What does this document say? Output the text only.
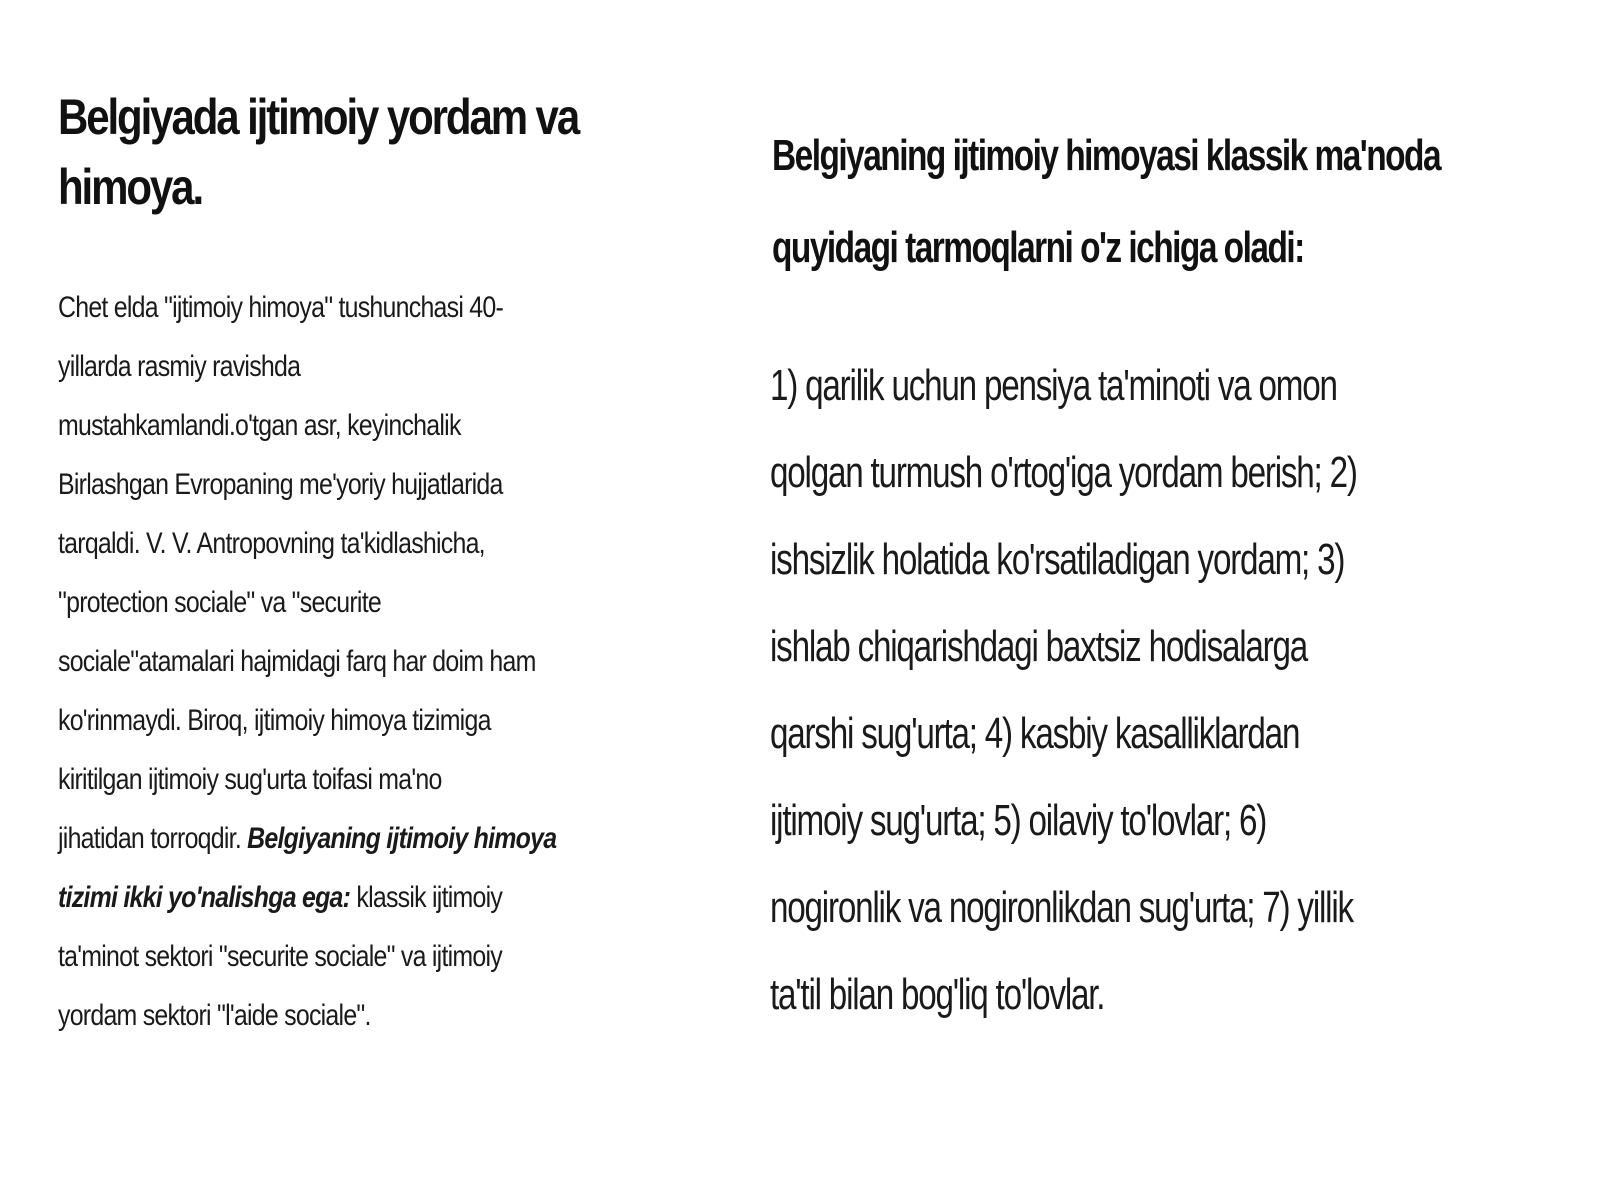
Belgiyada ijtimoiy yordam va
himoya.

Chet elda "ijtimoiy himoya" tushunchasi 40-
yillarda rasmiy ravishda
mustahkamlandi.o'tgan asr, keyinchalik
Birlashgan Evropaning me'yoriy hujjatlarida
tarqaldi. V. V. Antropovning ta'kidlashicha,
"protection sociale" va "securite
sociale"atamalari hajmidagi farq har doim ham
ko'rinmaydi. Biroq, ijtimoiy himoya tizimiga
kiritilgan ijtimoiy sug'urta toifasi ma'no
jihatidan torroqdir. Belgiyaning ijtimoiy himoya
tizimi ikki yo'nalishga ega: klassik ijtimoiy
ta'minot sektori "securite sociale" va ijtimoiy
yordam sektori "l'aide sociale".

Belgiyaning ijtimoiy himoyasi klassik ma'noda
quyidagi tarmoqlarni o'z ichiga oladi:

1) qarilik uchun pensiya ta'minoti va omon
qolgan turmush o'rtog'iga yordam berish; 2)
ishsizlik holatida ko'rsatiladigan yordam; 3)
ishlab chiqarishdagi baxtsiz hodisalarga
qarshi sug'urta; 4) kasbiy kasalliklardan
ijtimoiy sug'urta; 5) oilaviy to'lovlar; 6)
nogironlik va nogironlikdan sug'urta; 7) yillik
ta'til bilan bog'liq to'lovlar.
